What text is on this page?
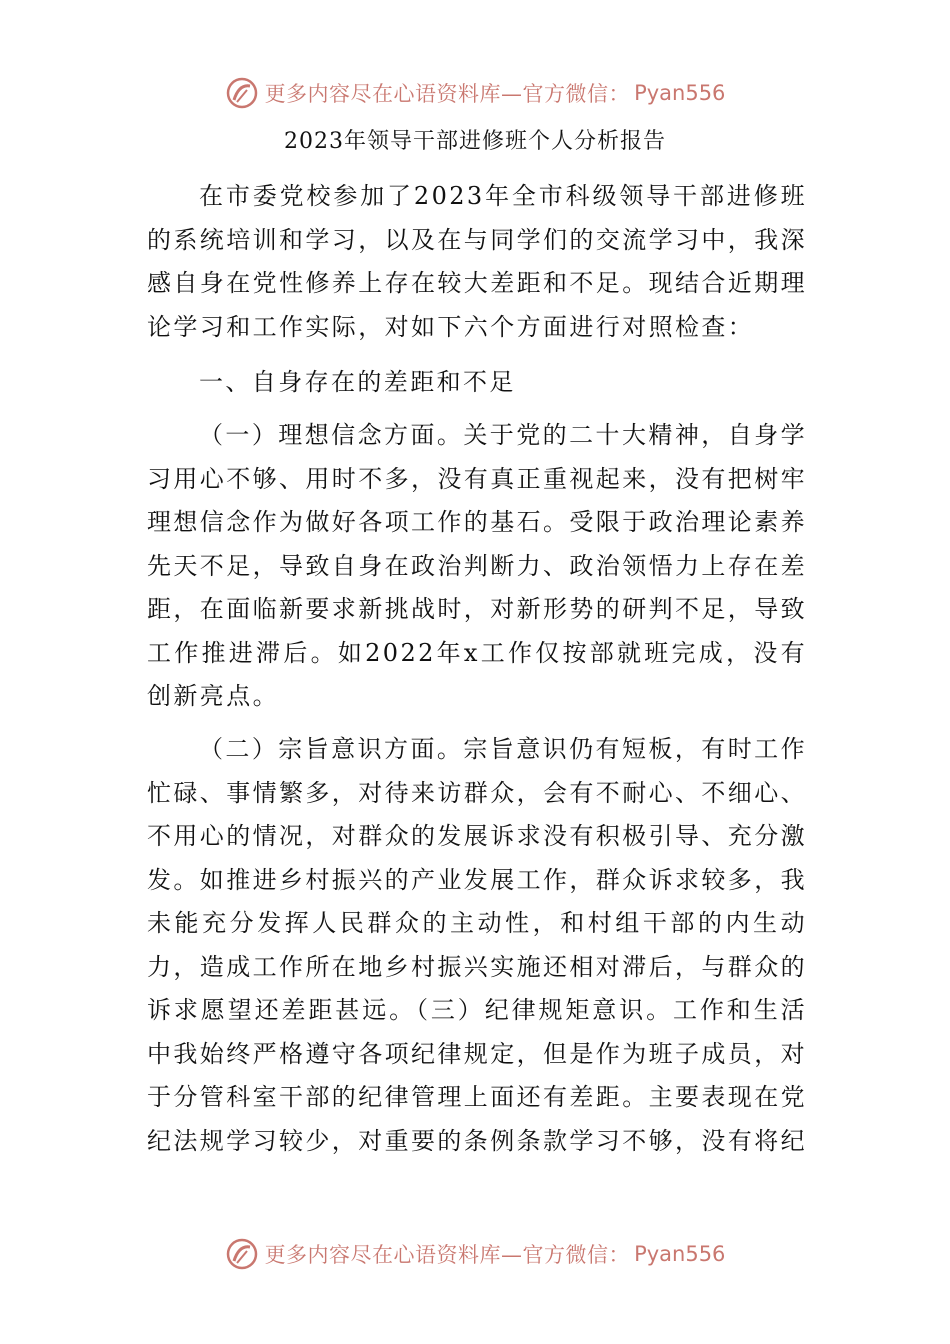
更多内容尽在心语资料库—官方微信： Pyan556
2023年领导干部进修班个人分析报告

在市委党校参加了2023年全市科级领导干部进修班的系统培训和学习，以及在与同学们的交流学习中，我深感自身在党性修养上存在较大差距和不足。现结合近期理论学习和工作实际，对如下六个方面进行对照检查：

一、自身存在的差距和不足

（一）理想信念方面。关于党的二十大精神，自身学习用心不够、用时不多，没有真正重视起来，没有把树牢理想信念作为做好各项工作的基石。受限于政治理论素养先天不足，导致自身在政治判断力、政治领悟力上存在差距，在面临新要求新挑战时，对新形势的研判不足，导致工作推进滞后。如2022年x工作仅按部就班完成，没有创新亮点。

（二）宗旨意识方面。宗旨意识仍有短板，有时工作忙碌、事情繁多，对待来访群众，会有不耐心、不细心、不用心的情况，对群众的发展诉求没有积极引导、充分激发。如推进乡村振兴的产业发展工作，群众诉求较多，我未能充分发挥人民群众的主动性，和村组干部的内生动力，造成工作所在地乡村振兴实施还相对滞后，与群众的诉求愿望还差距甚远。（三）纪律规矩意识。工作和生活中我始终严格遵守各项纪律规定，但是作为班子成员，对于分管科室干部的纪律管理上面还有差距。主要表现在党纪法规学习较少，对重要的条例条款学习不够，没有将纪

更多内容尽在心语资料库—官方微信： Pyan556
